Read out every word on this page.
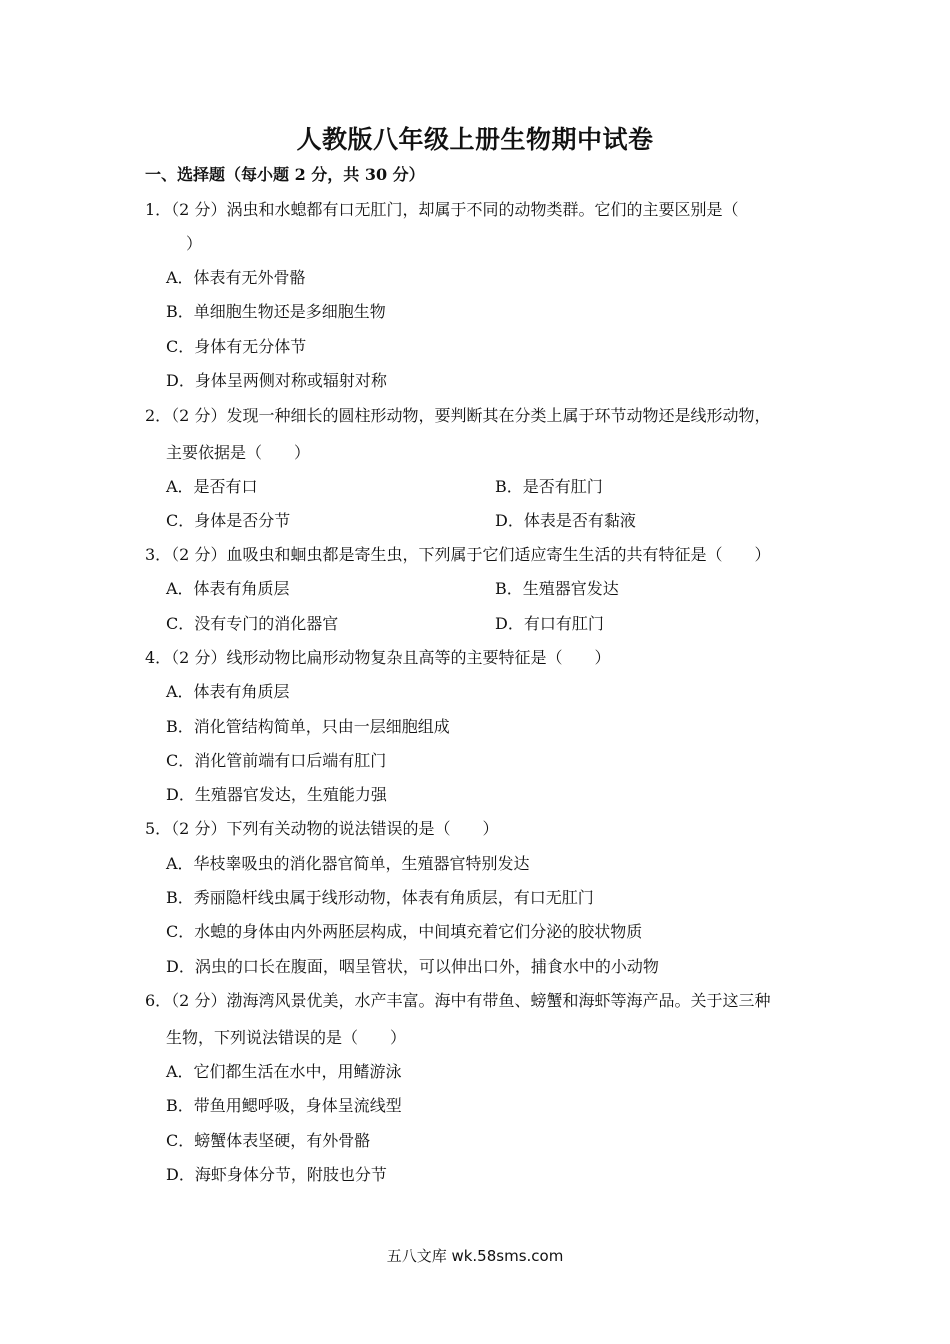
人教版八年级上册生物期中试卷
一、选择题（每小题 2 分，共 30 分）
1．（2 分）涡虫和水螅都有口无肛门，却属于不同的动物类群。它们的主要区别是（
）
A．体表有无外骨骼
B．单细胞生物还是多细胞生物
C．身体有无分体节
D．身体呈两侧对称或辐射对称
2．（2 分）发现一种细长的圆柱形动物，要判断其在分类上属于环节动物还是线形动物，
主要依据是（　　）
A．是否有口	B．是否有肛门
C．身体是否分节	D．体表是否有黏液
3．（2 分）血吸虫和蛔虫都是寄生虫，下列属于它们适应寄生生活的共有特征是（　　）
A．体表有角质层	B．生殖器官发达
C．没有专门的消化器官	D．有口有肛门
4．（2 分）线形动物比扁形动物复杂且高等的主要特征是（　　）
A．体表有角质层
B．消化管结构简单，只由一层细胞组成
C．消化管前端有口后端有肛门
D．生殖器官发达，生殖能力强
5．（2 分）下列有关动物的说法错误的是（　　）
A．华枝睾吸虫的消化器官简单，生殖器官特别发达
B．秀丽隐杆线虫属于线形动物，体表有角质层，有口无肛门
C．水螅的身体由内外两胚层构成，中间填充着它们分泌的胶状物质
D．涡虫的口长在腹面，咽呈管状，可以伸出口外，捕食水中的小动物
6．（2 分）渤海湾风景优美，水产丰富。海中有带鱼、螃蟹和海虾等海产品。关于这三种
生物，下列说法错误的是（　　）
A．它们都生活在水中，用鳍游泳
B．带鱼用鳃呼吸，身体呈流线型
C．螃蟹体表坚硬，有外骨骼
D．海虾身体分节，附肢也分节
五八文库 wk.58sms.com
